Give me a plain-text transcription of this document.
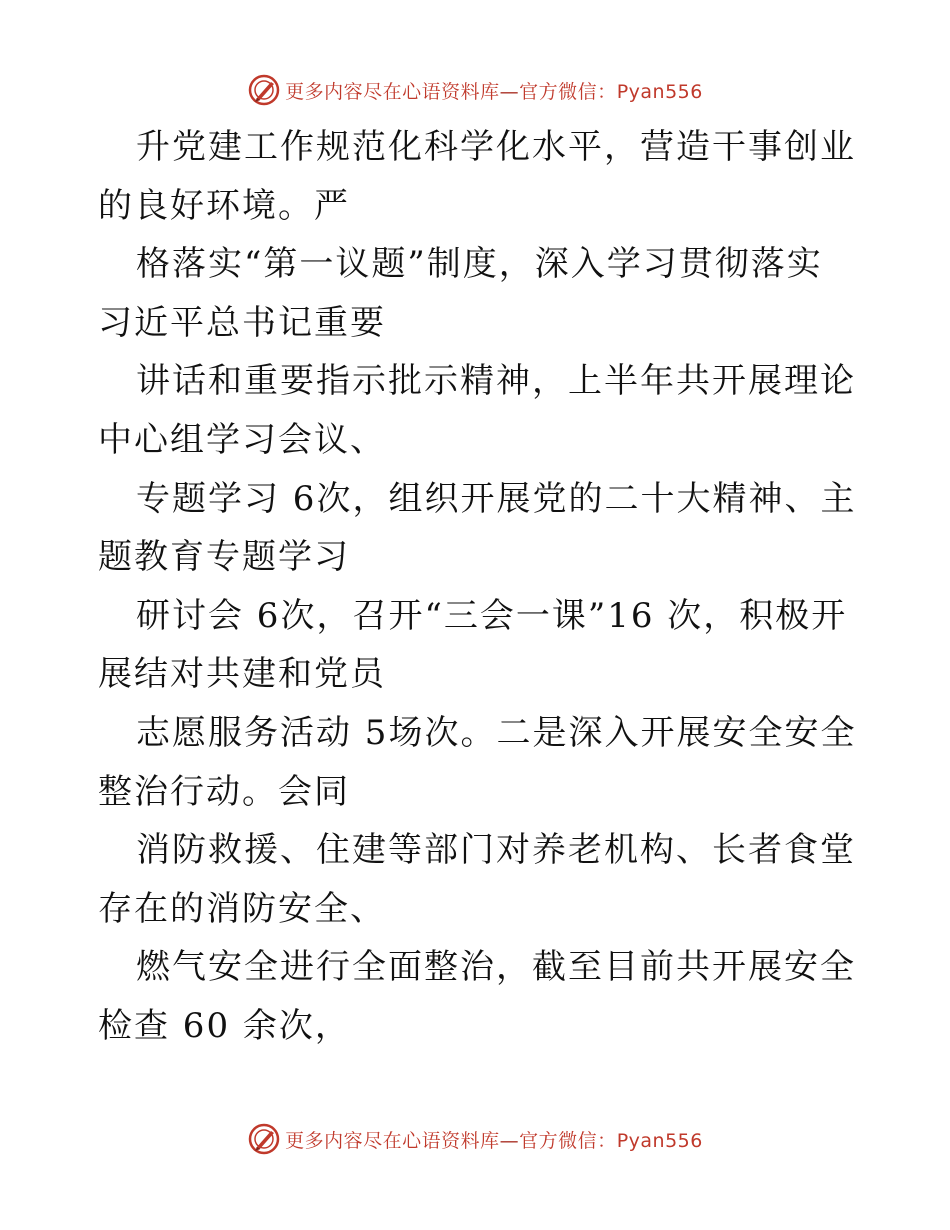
更多内容尽在心语资料库—官方微信：Pyan556

升党建工作规范化科学化水平，营造干事创业的良好环境。严

格落实“第一议题”制度，深入学习贯彻落实习近平总书记重要

讲话和重要指示批示精神，上半年共开展理论中心组学习会议、

专题学习 6次，组织开展党的二十大精神、主题教育专题学习

研讨会 6次，召开“三会一课”16 次，积极开展结对共建和党员

志愿服务活动 5场次。二是深入开展安全安全整治行动。会同

消防救援、住建等部门对养老机构、长者食堂存在的消防安全、

燃气安全进行全面整治，截至目前共开展安全检查 60 余次，

更多内容尽在心语资料库—官方微信：Pyan556
